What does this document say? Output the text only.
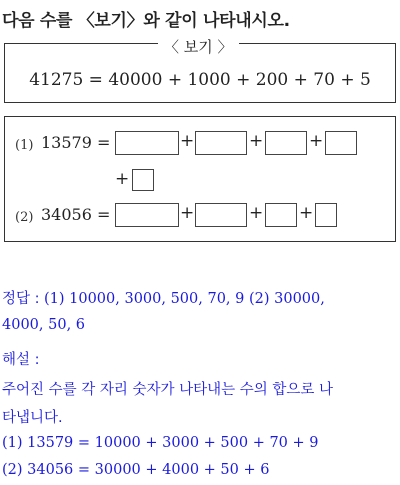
다음 수를 〈보기〉와 같이 나타내시오.
〈 보기 〉
41275 = 40000 + 1000 + 200 + 70 + 5
(1) 13579 =	+	+	+
+
(2) 34056 =	+	+ +
정답 : (1) 10000, 3000, 500, 70, 9 (2) 30000,
4000, 50, 6
해설 :
주어진 수를 각 자리 숫자가 나타내는 수의 합으로 나
타냅니다.
(1) 13579 = 10000 + 3000 + 500 + 70 + 9
(2) 34056 = 30000 + 4000 + 50 + 6
